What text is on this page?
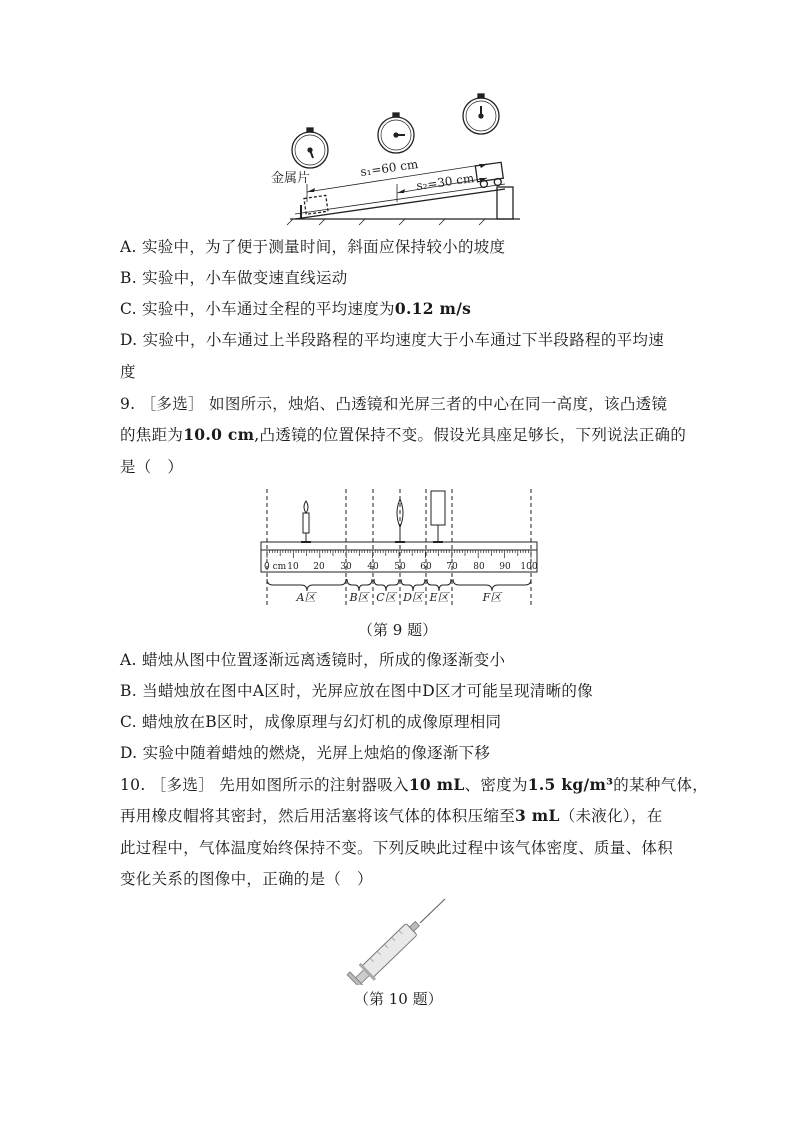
金属片	s₁=60 cm
s₂=30 cm
A. 实验中，为了便于测量时间，斜面应保持较小的坡度
B. 实验中，小车做变速直线运动
C. 实验中，小车通过全程的平均速度为0.12 m/s
D. 实验中，小车通过上半段路程的平均速度大于小车通过下半段路程的平均速
度
9. ［多选］ 如图所示，烛焰、凸透镜和光屏三者的中心在同一高度，该凸透镜
的焦距为10.0 cm,凸透镜的位置保持不变。假设光具座足够长，下列说法正确的
是（　）
0 cm 10 20 30 40 50 60 70 80 90 100
A区	B区 C区 D区 E区	F区
（第 9 题）
A. 蜡烛从图中位置逐渐远离透镜时，所成的像逐渐变小
B. 当蜡烛放在图中A区时，光屏应放在图中D区才可能呈现清晰的像
C. 蜡烛放在B区时，成像原理与幻灯机的成像原理相同
D. 实验中随着蜡烛的燃烧，光屏上烛焰的像逐渐下移
10. ［多选］ 先用如图所示的注射器吸入10 mL、密度为1.5 kg/m³的某种气体，
再用橡皮帽将其密封，然后用活塞将该气体的体积压缩至3 mL（未液化），在
此过程中，气体温度始终保持不变。下列反映此过程中该气体密度、质量、体积
变化关系的图像中，正确的是（　）
（第 10 题）
